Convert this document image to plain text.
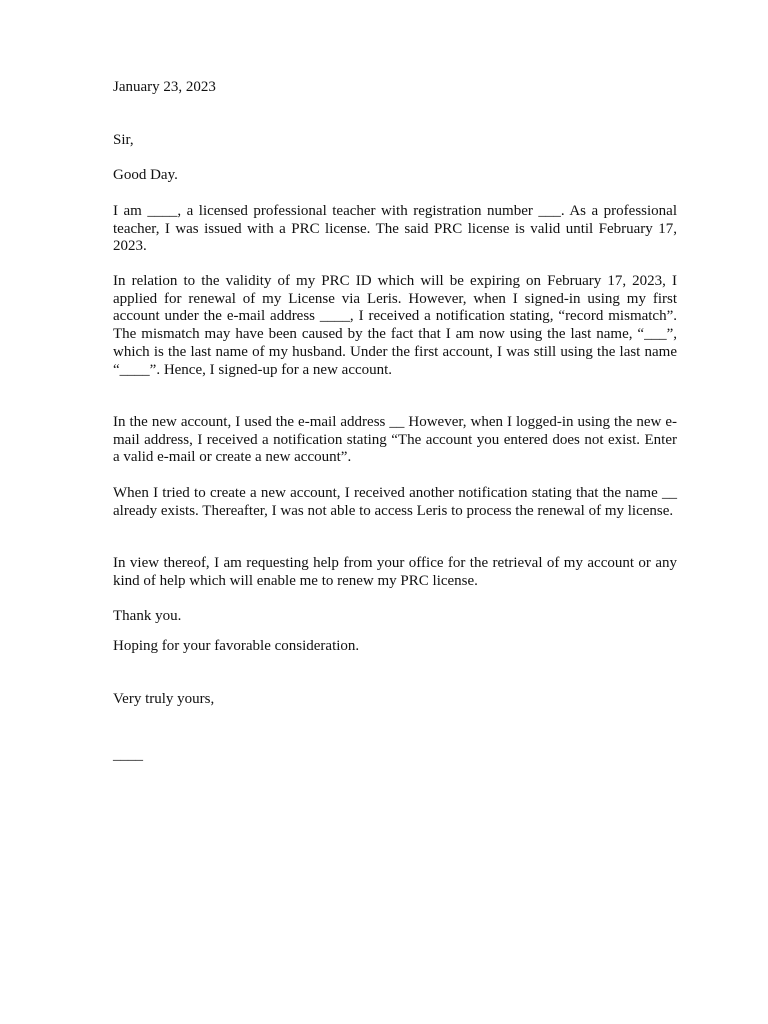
January 23, 2023

Sir,

Good Day.

I am ____, a licensed professional teacher with registration number ___. As a professional teacher, I was issued with a PRC license. The said PRC license is valid until February 17, 2023.

In relation to the validity of my PRC ID which will be expiring on February 17, 2023, I applied for renewal of my License via Leris. However, when I signed-in using my first account under the e-mail address ____, I received a notification stating, “record mismatch”. The mismatch may have been caused by the fact that I am now using the last name, “___”, which is the last name of my husband. Under the first account, I was still using the last name “____”. Hence, I signed-up for a new account.

In the new account, I used the e-mail address __ However, when I logged-in using the new e-mail address, I received a notification stating “The account you entered does not exist. Enter a valid e-mail or create a new account”.

When I tried to create a new account, I received another notification stating that the name __ already exists. Thereafter, I was not able to access Leris to process the renewal of my license.

In view thereof, I am requesting help from your office for the retrieval of my account or any kind of help which will enable me to renew my PRC license.

Thank you.

Hoping for your favorable consideration.

Very truly yours,

____
